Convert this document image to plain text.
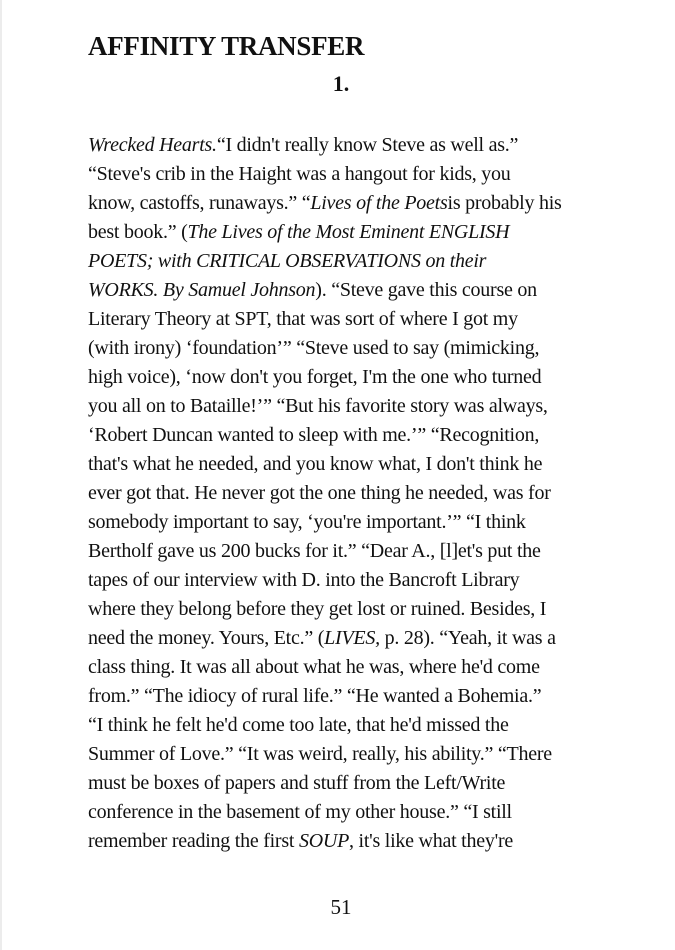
AFFINITY TRANSFER
1.
Wrecked Hearts.“I didn't really know Steve as well as.”
“Steve's crib in the Haight was a hangout for kids, you
know, castoffs, runaways.” “Lives of the Poetsis probably his
best book.” (The Lives of the Most Eminent ENGLISH
POETS; with CRITICAL OBSERVATIONS on their
WORKS. By Samuel Johnson). “Steve gave this course on
Literary Theory at SPT, that was sort of where I got my
(with irony) ‘foundation’” “Steve used to say (mimicking,
high voice), ‘now don't you forget, I'm the one who turned
you all on to Bataille!’” “But his favorite story was always,
‘Robert Duncan wanted to sleep with me.’” “Recognition,
that's what he needed, and you know what, I don't think he
ever got that. He never got the one thing he needed, was for
somebody important to say, ‘you're important.’” “I think
Bertholf gave us 200 bucks for it.” “Dear A., [l]et's put the
tapes of our interview with D. into the Bancroft Library
where they belong before they get lost or ruined. Besides, I
need the money. Yours, Etc.” (LIVES, p. 28). “Yeah, it was a
class thing. It was all about what he was, where he'd come
from.” “The idiocy of rural life.” “He wanted a Bohemia.”
“I think he felt he'd come too late, that he'd missed the
Summer of Love.” “It was weird, really, his ability.” “There
must be boxes of papers and stuff from the Left/Write
conference in the basement of my other house.” “I still
remember reading the first SOUP, it's like what they're
51
